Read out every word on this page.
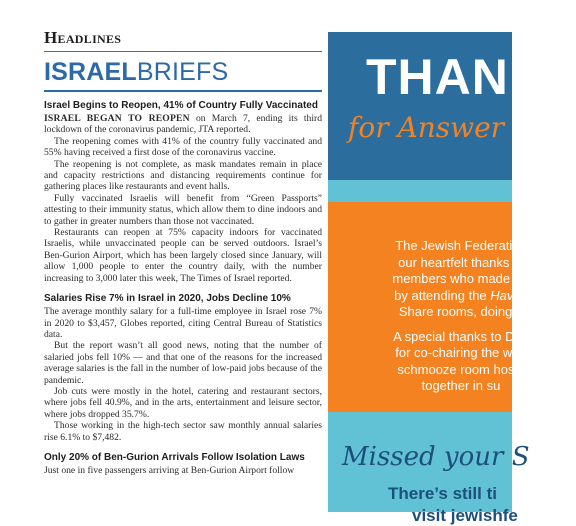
Headlines
ISRAELBRIEFS
Israel Begins to Reopen, 41% of Country Fully Vaccinated

ISRAEL BEGAN TO REOPEN on March 7, ending its third lockdown of the coronavirus pandemic, JTA reported.

The reopening comes with 41% of the country fully vaccinated and 55% having received a first dose of the coronavirus vaccine.

The reopening is not complete, as mask mandates remain in place and capacity restrictions and distancing requirements continue for gathering places like restaurants and event halls.

Fully vaccinated Israelis will benefit from “Green Passports” attesting to their immunity status, which allow them to dine indoors and to gather in greater numbers than those not vaccinated.

Restaurants can reopen at 75% capacity indoors for vaccinated Israelis, while unvaccinated people can be served outdoors. Israel’s Ben-Gurion Airport, which has been largely closed since January, will allow 1,000 people to enter the country daily, with the number increasing to 3,000 later this week, The Times of Israel reported.

Salaries Rise 7% in Israel in 2020, Jobs Decline 10%

The average monthly salary for a full-time employee in Israel rose 7% in 2020 to $3,457, Globes reported, citing Central Bureau of Statistics data.

But the report wasn’t all good news, noting that the number of salaried jobs fell 10% — and that one of the reasons for the increased average salaries is the fall in the number of low-paid jobs because of the pandemic.

Job cuts were mostly in the hotel, catering and restaurant sectors, where jobs fell 40.9%, and in the arts, entertainment and leisure sector, where jobs dropped 35.7%.

Those working in the high-tech sector saw monthly annual salaries rise 6.1% to $7,482.

Only 20% of Ben-Gurion Arrivals Follow Isolation Laws

Just one in five passengers arriving at Ben-Gurion Airport follow

THAN
for Answer
The Jewish Federation
our heartfelt thanks to
members who made Su
by attending the Havdo
Share rooms, doing a
A special thanks to Dan
for co-chairing the wee
schmooze room hosts
together in su
Missed your S
There’s still ti
visit jewishfe
